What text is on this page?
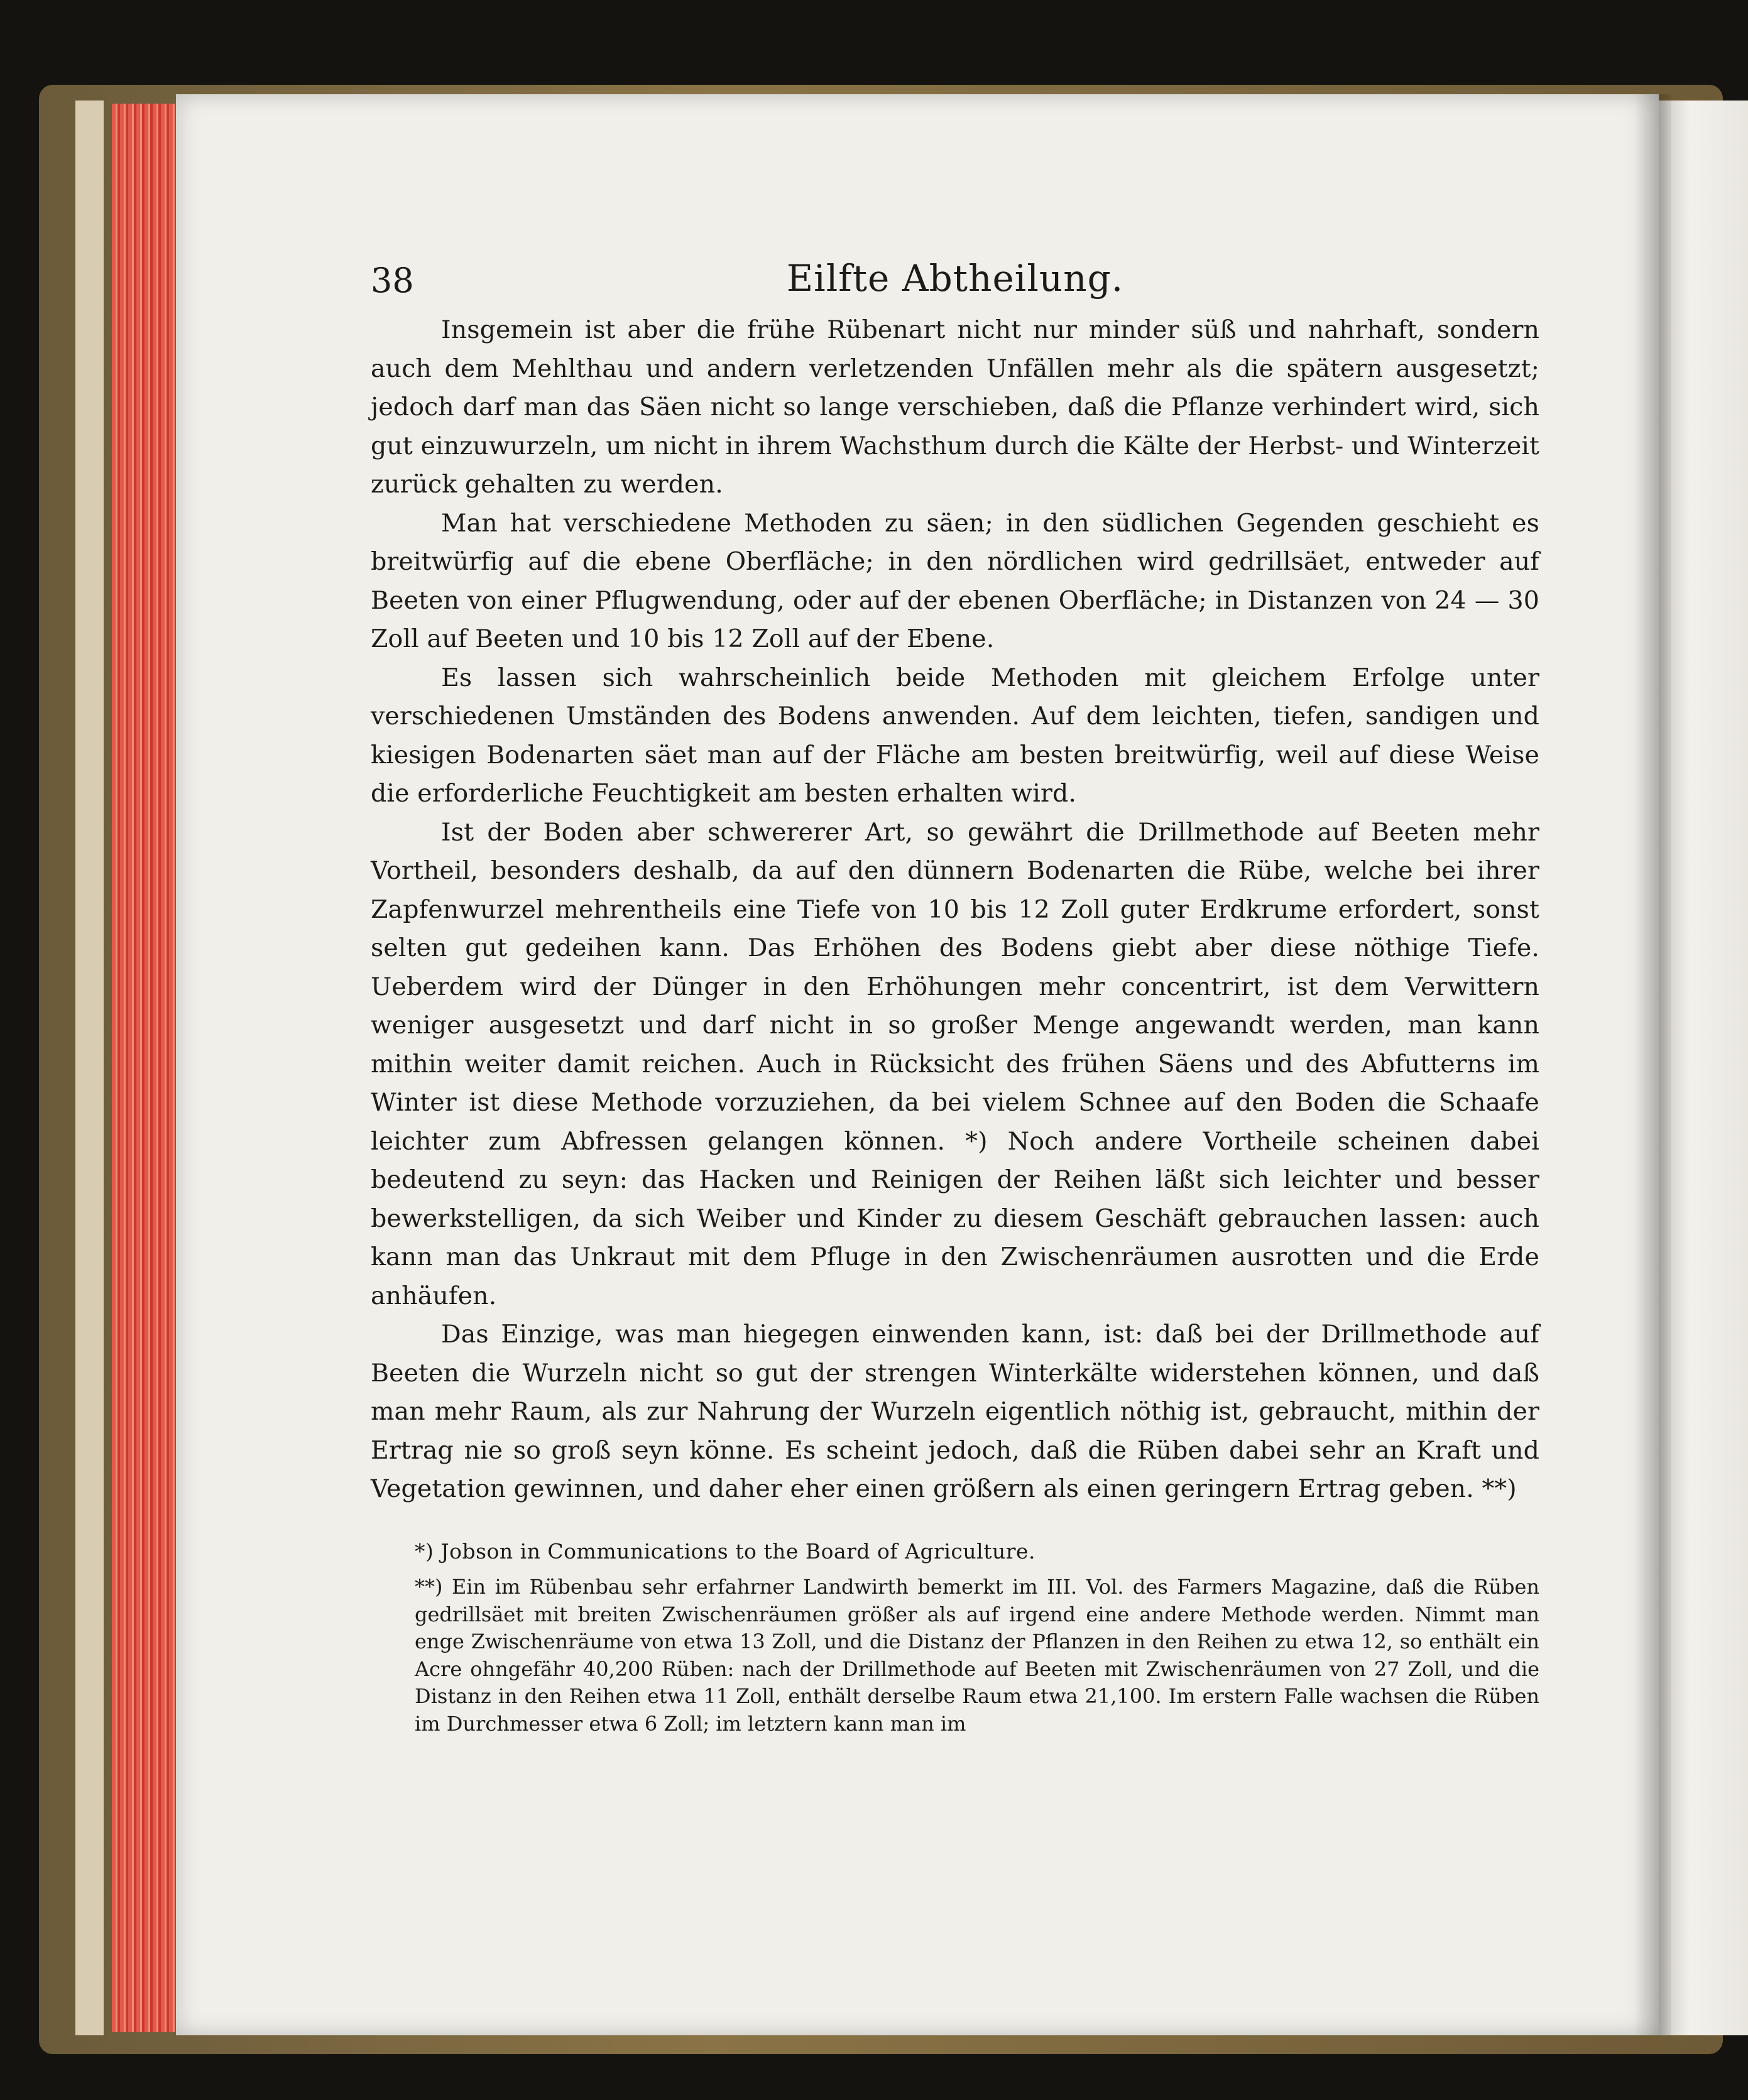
38	Eilfte Abtheilung.

Insgemein ist aber die frühe Rübenart nicht nur minder süß und nahrhaft, sondern auch dem Mehlthau und andern verletzenden Unfällen mehr als die spätern ausgesetzt; jedoch darf man das Säen nicht so lange verschieben, daß die Pflanze verhindert wird, sich gut einzuwurzeln, um nicht in ihrem Wachsthum durch die Kälte der Herbst- und Winterzeit zurück gehalten zu werden.

Man hat verschiedene Methoden zu säen; in den südlichen Gegenden geschieht es breitwürfig auf die ebene Oberfläche; in den nördlichen wird gedrillsäet, entweder auf Beeten von einer Pflugwendung, oder auf der ebenen Oberfläche; in Distanzen von 24 — 30 Zoll auf Beeten und 10 bis 12 Zoll auf der Ebene.

Es lassen sich wahrscheinlich beide Methoden mit gleichem Erfolge unter verschiedenen Umständen des Bodens anwenden. Auf dem leichten, tiefen, sandigen und kiesigen Bodenarten säet man auf der Fläche am besten breitwürfig, weil auf diese Weise die erforderliche Feuchtigkeit am besten erhalten wird.

Ist der Boden aber schwererer Art, so gewährt die Drillmethode auf Beeten mehr Vortheil, besonders deshalb, da auf den dünnern Bodenarten die Rübe, welche bei ihrer Zapfenwurzel mehrentheils eine Tiefe von 10 bis 12 Zoll guter Erdkrume erfordert, sonst selten gut gedeihen kann. Das Erhöhen des Bodens giebt aber diese nöthige Tiefe. Ueberdem wird der Dünger in den Erhöhungen mehr concentrirt, ist dem Verwittern weniger ausgesetzt und darf nicht in so großer Menge angewandt werden, man kann mithin weiter damit reichen. Auch in Rücksicht des frühen Säens und des Abfutterns im Winter ist diese Methode vorzuziehen, da bei vielem Schnee auf den Boden die Schaafe leichter zum Abfressen gelangen können. *) Noch andere Vortheile scheinen dabei bedeutend zu seyn: das Hacken und Reinigen der Reihen läßt sich leichter und besser bewerkstelligen, da sich Weiber und Kinder zu diesem Geschäft gebrauchen lassen: auch kann man das Unkraut mit dem Pfluge in den Zwischenräumen ausrotten und die Erde anhäufen.

Das Einzige, was man hiegegen einwenden kann, ist: daß bei der Drillmethode auf Beeten die Wurzeln nicht so gut der strengen Winterkälte widerstehen können, und daß man mehr Raum, als zur Nahrung der Wurzeln eigentlich nöthig ist, gebraucht, mithin der Ertrag nie so groß seyn könne. Es scheint jedoch, daß die Rüben dabei sehr an Kraft und Vegetation gewinnen, und daher eher einen größern als einen geringern Ertrag geben. **)

*) Jobson in Communications to the Board of Agriculture.

**) Ein im Rübenbau sehr erfahrner Landwirth bemerkt im III. Vol. des Farmers Magazine, daß die Rüben gedrillsäet mit breiten Zwischenräumen größer als auf irgend eine andere Methode werden. Nimmt man enge Zwischenräume von etwa 13 Zoll, und die Distanz der Pflanzen in den Reihen zu etwa 12, so enthält ein Acre ohngefähr 40,200 Rüben: nach der Drillmethode auf Beeten mit Zwischenräumen von 27 Zoll, und die Distanz in den Reihen etwa 11 Zoll, enthält derselbe Raum etwa 21,100. Im erstern Falle wachsen die Rüben im Durchmesser etwa 6 Zoll; im letztern kann man im
